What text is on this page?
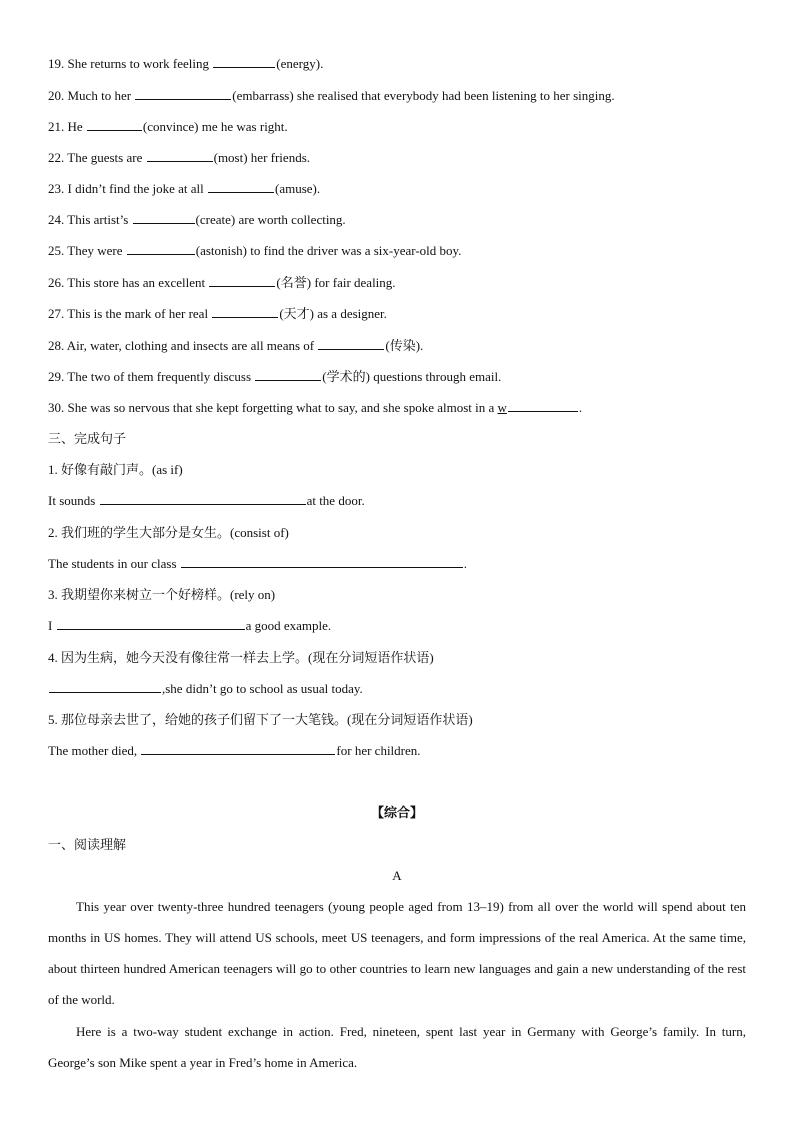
19. She returns to work feeling	(energy).
20. Much to her	(embarrass) she realised that everybody had been listening to her singing.
21. He	(convince) me he was right.
22. The guests are	(most) her friends.
23. I didn’t find the joke at all	(amuse).
24. This artist’s	(create) are worth collecting.
25. They were	(astonish) to find the driver was a six-year-old boy.
26. This store has an excellent	(名誉) for fair dealing.
27. This is the mark of her real	(天才) as a designer.
28. Air, water, clothing and insects are all means of	(传染).
29. The two of them frequently discuss	(学术的) questions through email.
30. She was so nervous that she kept forgetting what to say, and she spoke almost in a w	.
三、完成句子
1. 好像有敲门声。(as if)
It sounds	at the door.
2. 我们班的学生大部分是女生。(consist of)
The students in our class	.
3. 我期望你来树立一个好榜样。(rely on)
I	a good example.
4. 因为生病，她今天没有像往常一样去上学。(现在分词短语作状语)
,she didn’t go to school as usual today.
5. 那位母亲去世了，给她的孩子们留下了一大笔钱。(现在分词短语作状语)
The mother died,	for her children.
【综合】
一、阅读理解
A
This year over twenty-three hundred teenagers (young people aged from 13–19) from all over the world will spend about ten months in US homes. They will attend US schools, meet US teenagers, and form impressions of the real America. At the same time, about thirteen hundred American teenagers will go to other countries to learn new languages and gain a new understanding of the rest of the world.
Here is a two-way student exchange in action. Fred, nineteen, spent last year in Germany with George’s family. In turn, George’s son Mike spent a year in Fred’s home in America.
